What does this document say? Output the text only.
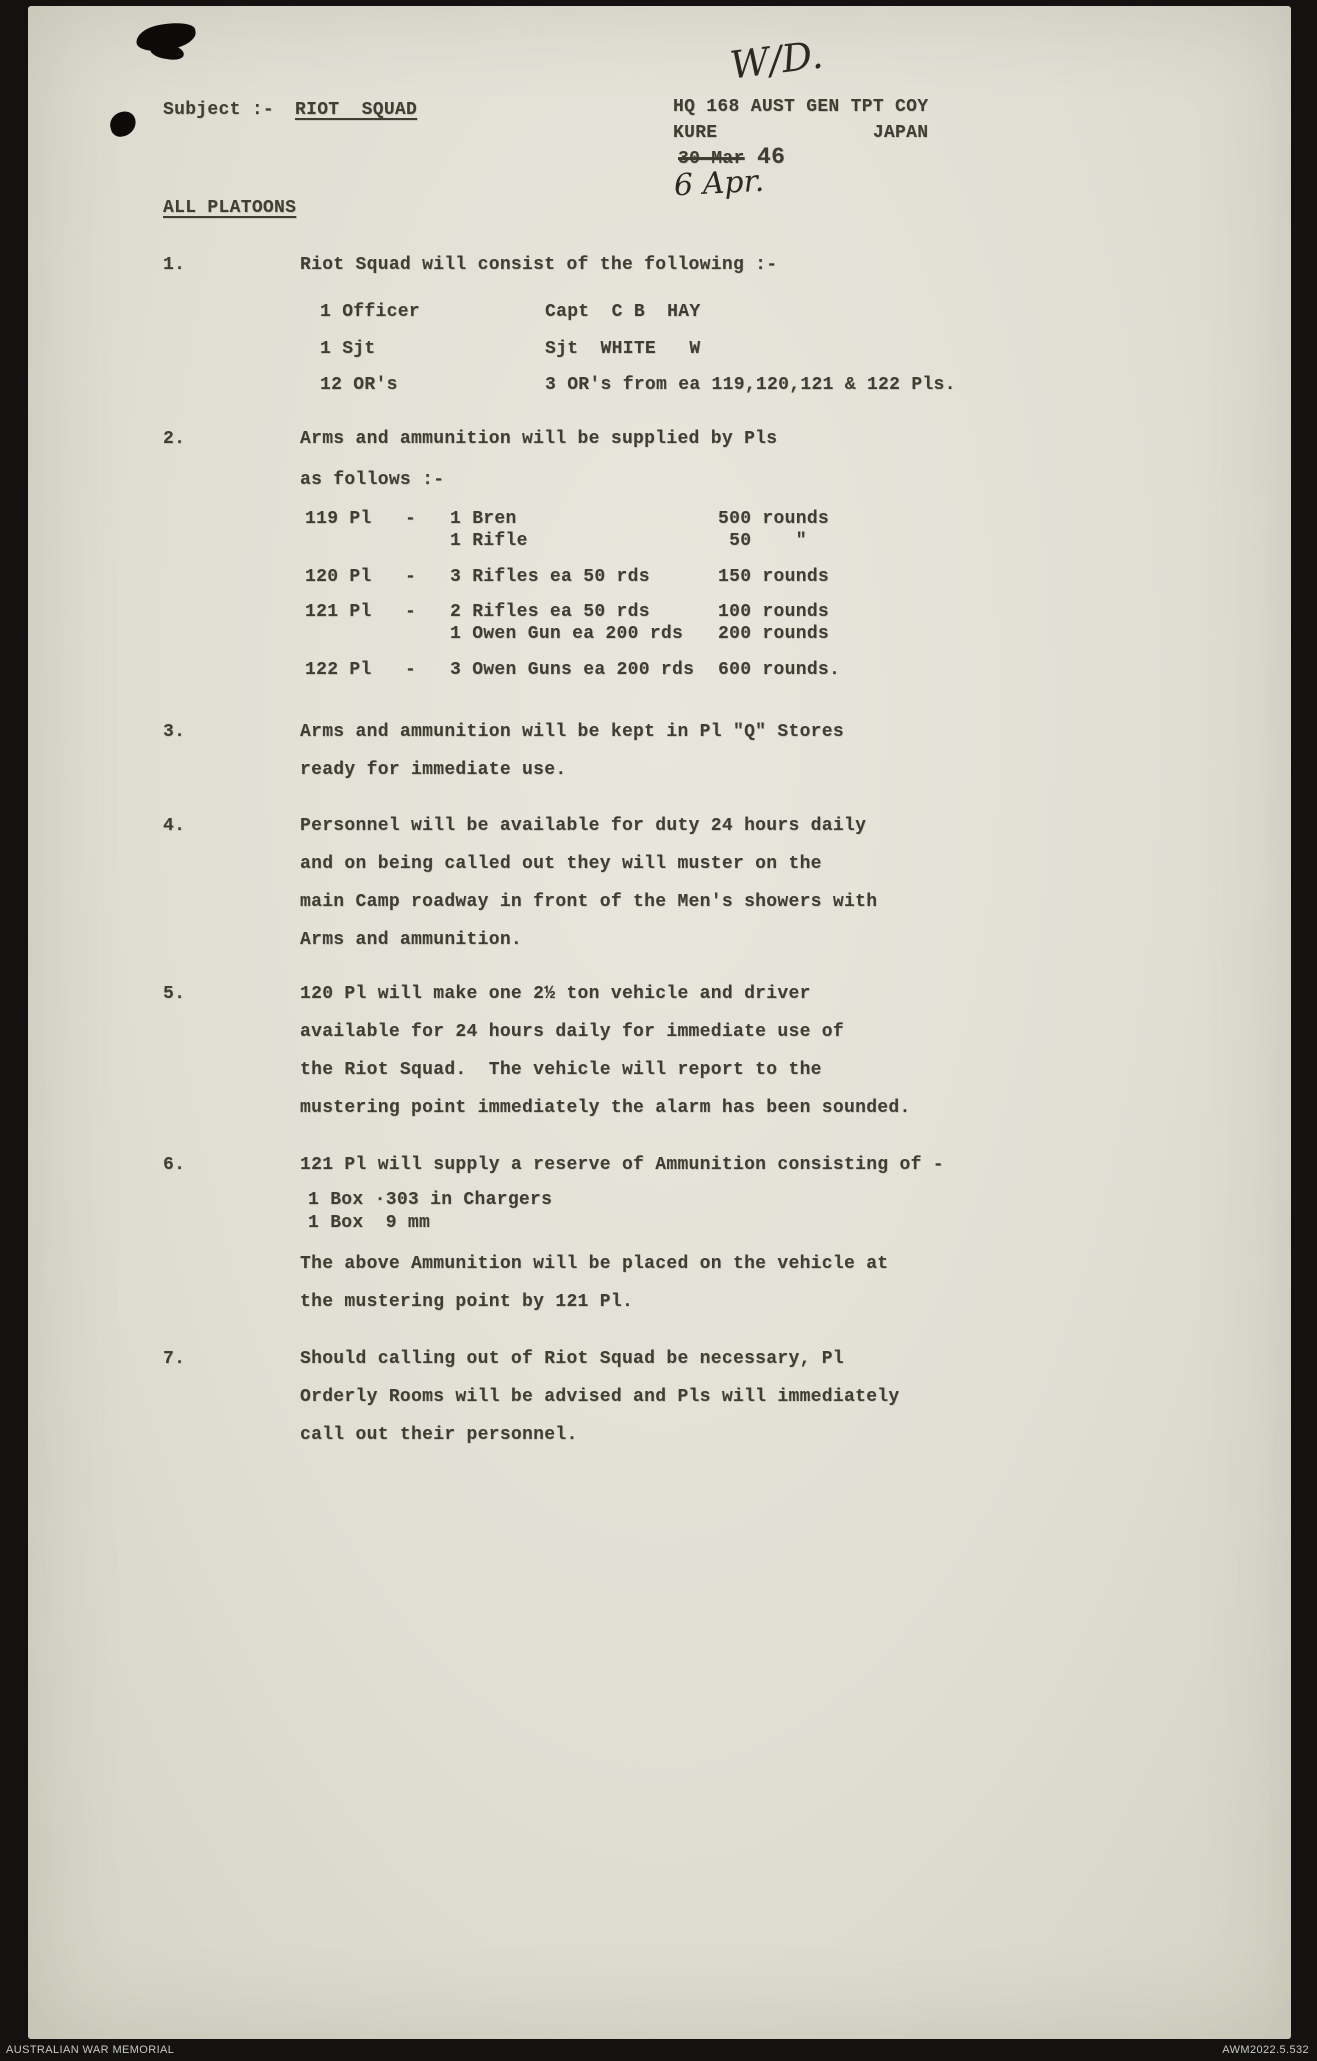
W/D.
Subject :- RIOT  SQUAD	HQ 168 AUST GEN TPT COY
KURE              JAPAN
30 Mar 46
6 Apr.
ALL PLATOONS
1.	Riot Squad will consist of the following :-
1 Officer	Capt  C B  HAY
1 Sjt	Sjt  WHITE   W
12 OR's	3 OR's from ea 119,120,121 & 122 Pls.
2.	Arms and ammunition will be supplied by Pls
as follows :-
119 Pl - 1 Bren	500 rounds
1 Rifle	50    "
120 Pl - 3 Rifles ea 50 rds	150 rounds
121 Pl - 2 Rifles ea 50 rds	100 rounds
1 Owen Gun ea 200 rds 200 rounds
122 Pl - 3 Owen Guns ea 200 rds 600 rounds.
3.	Arms and ammunition will be kept in Pl "Q" Stores
ready for immediate use.
4.	Personnel will be available for duty 24 hours daily
and on being called out they will muster on the
main Camp roadway in front of the Men's showers with
Arms and ammunition.
5.	120 Pl will make one 2½ ton vehicle and driver
available for 24 hours daily for immediate use of
the Riot Squad.  The vehicle will report to the
mustering point immediately the alarm has been sounded.
6.	121 Pl will supply a reserve of Ammunition consisting of -
1 Box ·303 in Chargers
1 Box  9 mm
The above Ammunition will be placed on the vehicle at
the mustering point by 121 Pl.
7.	Should calling out of Riot Squad be necessary, Pl
Orderly Rooms will be advised and Pls will immediately
call out their personnel.
AUSTRALIAN WAR MEMORIAL	AWM2022.5.532
